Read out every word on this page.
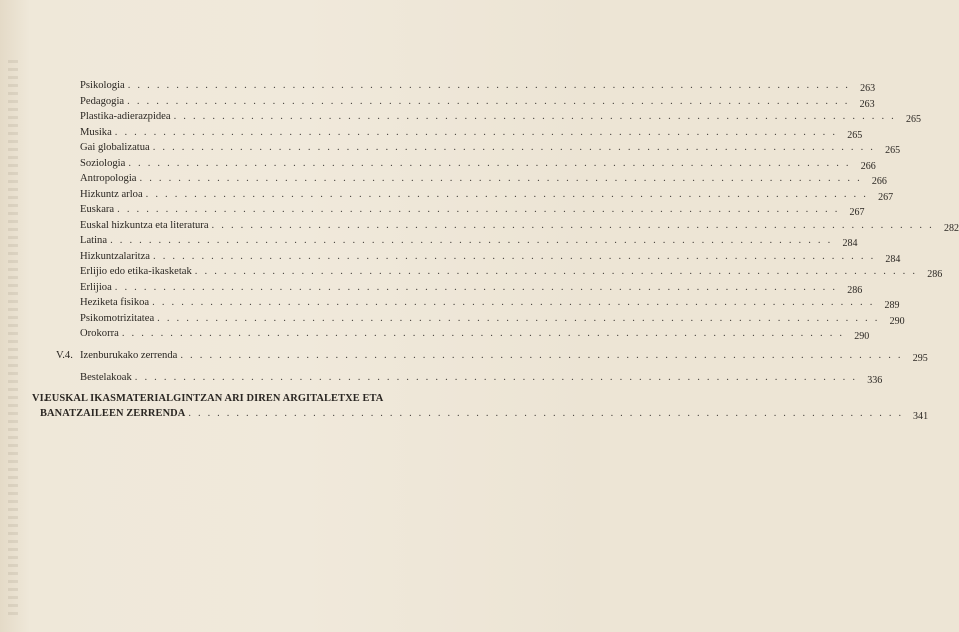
V.4. Izenburukako zerrenda . . . . . . . . . . . . . . . . . . . . . . . . . . . . . . . . . . . . . . . . . . . . . . . . . . . . . . . . . . . . . . . . . . . . . . . . . . .	295
Bestelakoak . . . . . . . . . . . . . . . . . . . . . . . . . . . . . . . . . . . . . . . . . . . . . . . . . . . . . . . . . . . . . . . . . . . . . . . . . . .	336
VI. EUSKAL IKASMATERIALGINTZAN ARI DIREN ARGITALETXE ETA
BANATZAILEEN ZERRENDA . . . . . . . . . . . . . . . . . . . . . . . . . . . . . . . . . . . . . . . . . . . . . . . . . . . . . . . . . . . . . . . . . . . . . . . . . . . 341
Psikologia . . . . . . . . . . . . . . . . . . . . . . . . . . . . . . . . . . . . . . . . . . . . . . . . . . . . . . . . . . . . . . . . . . . . . . . . . . .	263
Pedagogia . . . . . . . . . . . . . . . . . . . . . . . . . . . . . . . . . . . . . . . . . . . . . . . . . . . . . . . . . . . . . . . . . . . . . . . . . . .	263
Plastika-adierazpidea . . . . . . . . . . . . . . . . . . . . . . . . . . . . . . . . . . . . . . . . . . . . . . . . . . . . . . . . . . . . . . . . . . . . . . . . . . .	265
Musika . . . . . . . . . . . . . . . . . . . . . . . . . . . . . . . . . . . . . . . . . . . . . . . . . . . . . . . . . . . . . . . . . . . . . . . . . . .	265
Gai globalizatua . . . . . . . . . . . . . . . . . . . . . . . . . . . . . . . . . . . . . . . . . . . . . . . . . . . . . . . . . . . . . . . . . . . . . . . . . . .	265
Soziologia . . . . . . . . . . . . . . . . . . . . . . . . . . . . . . . . . . . . . . . . . . . . . . . . . . . . . . . . . . . . . . . . . . . . . . . . . . .	266
Antropologia . . . . . . . . . . . . . . . . . . . . . . . . . . . . . . . . . . . . . . . . . . . . . . . . . . . . . . . . . . . . . . . . . . . . . . . . . . .	266
Hizkuntz arloa . . . . . . . . . . . . . . . . . . . . . . . . . . . . . . . . . . . . . . . . . . . . . . . . . . . . . . . . . . . . . . . . . . . . . . . . . . .	267
Euskara . . . . . . . . . . . . . . . . . . . . . . . . . . . . . . . . . . . . . . . . . . . . . . . . . . . . . . . . . . . . . . . . . . . . . . . . . . .	267
Euskal hizkuntza eta literatura . . . . . . . . . . . . . . . . . . . . . . . . . . . . . . . . . . . . . . . . . . . . . . . . . . . . . . . . . . . . . . . . . . . . . . . . . . .	282
Latina . . . . . . . . . . . . . . . . . . . . . . . . . . . . . . . . . . . . . . . . . . . . . . . . . . . . . . . . . . . . . . . . . . . . . . . . . . .	284
Hizkuntzalaritza . . . . . . . . . . . . . . . . . . . . . . . . . . . . . . . . . . . . . . . . . . . . . . . . . . . . . . . . . . . . . . . . . . . . . . . . . . .	284
Erlijio edo etika-ikasketak . . . . . . . . . . . . . . . . . . . . . . . . . . . . . . . . . . . . . . . . . . . . . . . . . . . . . . . . . . . . . . . . . . . . . . . . . . .	286
Erlijioa . . . . . . . . . . . . . . . . . . . . . . . . . . . . . . . . . . . . . . . . . . . . . . . . . . . . . . . . . . . . . . . . . . . . . . . . . . .	286
Heziketa fisikoa . . . . . . . . . . . . . . . . . . . . . . . . . . . . . . . . . . . . . . . . . . . . . . . . . . . . . . . . . . . . . . . . . . . . . . . . . . .	289
Psikomotrizitatea . . . . . . . . . . . . . . . . . . . . . . . . . . . . . . . . . . . . . . . . . . . . . . . . . . . . . . . . . . . . . . . . . . . . . . . . . . .	290
Orokorra . . . . . . . . . . . . . . . . . . . . . . . . . . . . . . . . . . . . . . . . . . . . . . . . . . . . . . . . . . . . . . . . . . . . . . . . . . .	290
